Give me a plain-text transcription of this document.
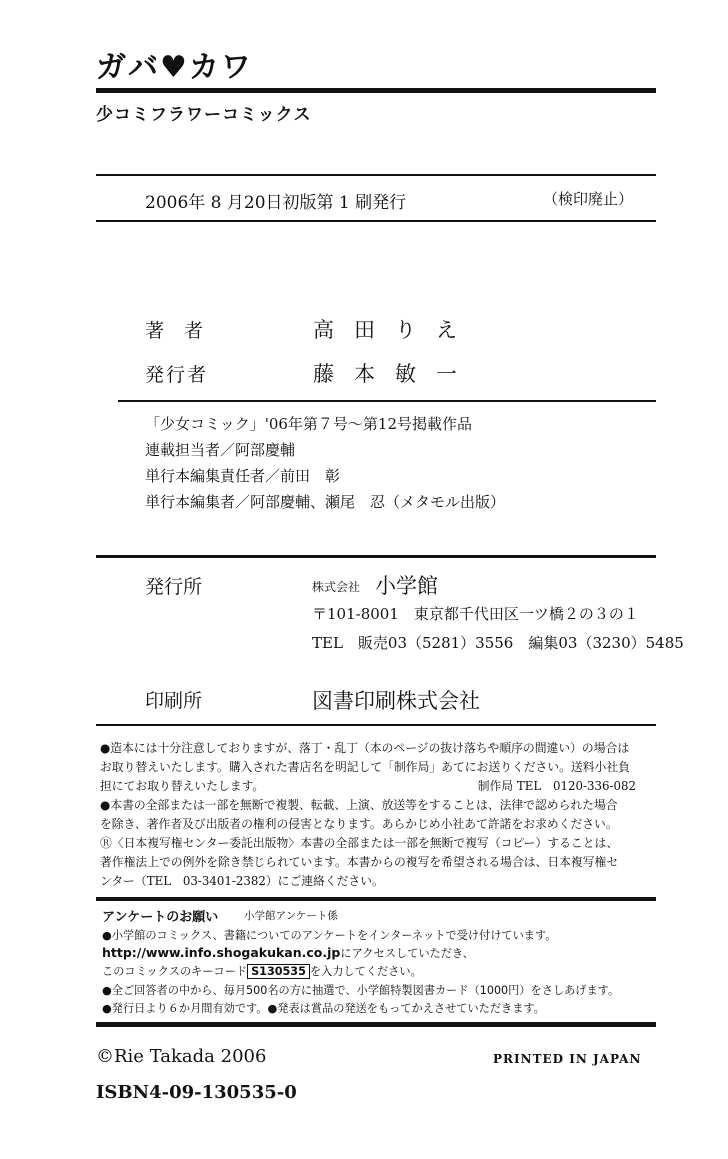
ガバ♥カワ
少コミフラワーコミックス
2006年 8 月20日初版第 1 刷発行	（検印廃止）
著者	高田りえ
発行者	藤本敏一
「少女コミック」'06年第７号〜第12号掲載作品
連載担当者／阿部慶輔
単行本編集責任者／前田　彰
単行本編集者／阿部慶輔、瀬尾　忍（メタモル出版）
発行所	株式会社 小学館
〒101-8001　東京都千代田区一ツ橋２の３の１
TEL　販売03（5281）3556　編集03（3230）5485
印刷所	図書印刷株式会社
●造本には十分注意しておりますが、落丁・乱丁（本のページの抜け落ちや順序の間違い）の場合は
お取り替えいたします。購入された書店名を明記して「制作局」あてにお送りください。送料小社負
担にてお取り替えいたします。	制作局 TEL　0120-336-082
●本書の全部または一部を無断で複製、転載、上演、放送等をすることは、法律で認められた場合
を除き、著作者及び出版者の権利の侵害となります。あらかじめ小社あて許諾をお求めください。
Ⓡ〈日本複写権センター委託出版物〉本書の全部または一部を無断で複写（コピー）することは、
著作権法上での例外を除き禁じられています。本書からの複写を希望される場合は、日本複写権セ
ンター（TEL　03-3401-2382）にご連絡ください。
アンケートのお願い 小学館アンケート係
●小学館のコミックス、書籍についてのアンケートをインターネットで受け付けています。
http://www.info.shogakukan.co.jpにアクセスしていただき、
このコミックスのキーコード S130535 を入力してください。
●全ご回答者の中から、毎月500名の方に抽選で、小学館特製図書カード（1000円）をさしあげます。
●発行日より６か月間有効です。●発表は賞品の発送をもってかえさせていただきます。
©Rie Takada 2006	PRINTED IN JAPAN
ISBN4-09-130535-0
